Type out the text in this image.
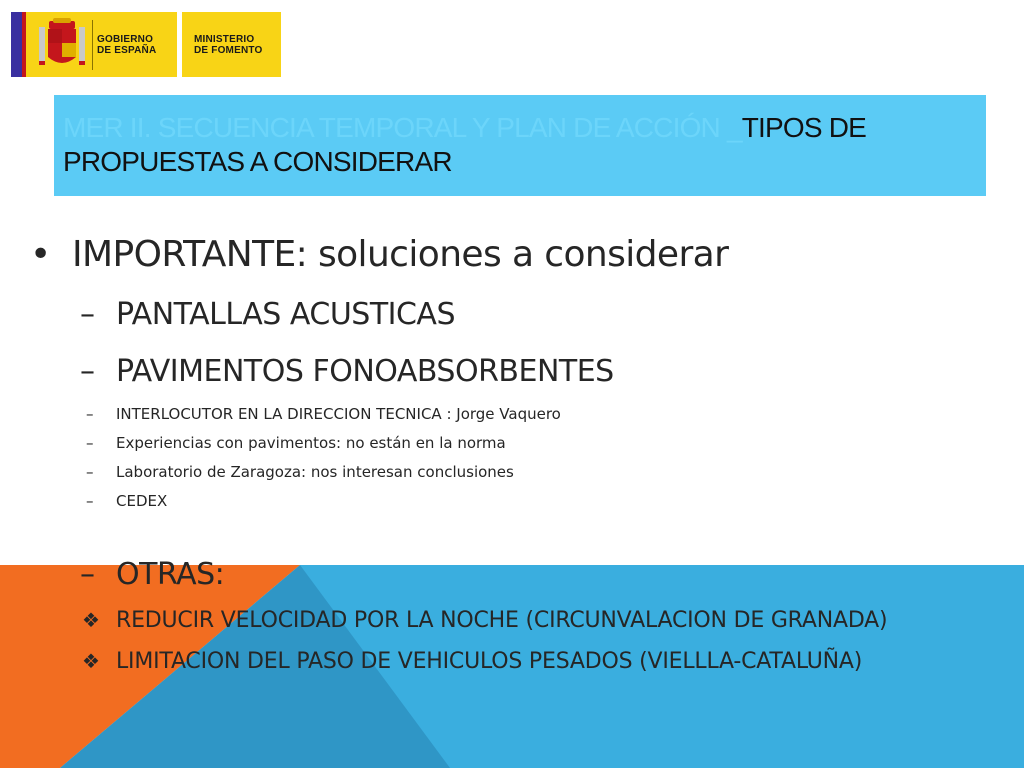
GOBIERNO
DE ESPAÑA
MINISTERIO
DE FOMENTO
MER II. SECUENCIA TEMPORAL Y PLAN DE ACCIÓN _TIPOS DE PROPUESTAS A CONSIDERAR
• IMPORTANTE: soluciones a considerar
– PANTALLAS ACUSTICAS
– PAVIMENTOS FONOABSORBENTES
– INTERLOCUTOR EN LA DIRECCION TECNICA : Jorge Vaquero
– Experiencias con pavimentos: no están en la norma
– Laboratorio de Zaragoza: nos interesan conclusiones
– CEDEX
– OTRAS:
❖ REDUCIR VELOCIDAD POR LA NOCHE (CIRCUNVALACION DE GRANADA)
❖ LIMITACION DEL PASO DE VEHICULOS PESADOS (VIELLLA-CATALUÑA)
